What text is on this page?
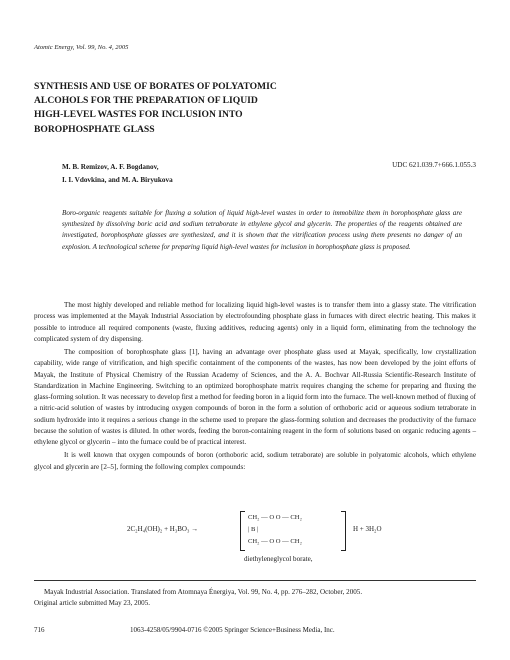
Atomic Energy, Vol. 99, No. 4, 2005
SYNTHESIS AND USE OF BORATES OF POLYATOMIC
ALCOHOLS FOR THE PREPARATION OF LIQUID
HIGH-LEVEL WASTES FOR INCLUSION INTO
BOROPHOSPHATE GLASS
M. B. Remizov, A. F. Bogdanov,
I. I. Vdovkina, and M. A. Biryukova
UDC 621.039.7+666.1.055.3
Boro-organic reagents suitable for fluxing a solution of liquid high-level wastes in order to immobilize them in borophosphate glass are synthesized by dissolving boric acid and sodium tetraborate in ethylene glycol and glycerin. The properties of the reagents obtained are investigated, borophosphate glasses are synthesized, and it is shown that the vitrification process using them presents no danger of an explosion. A technological scheme for preparing liquid high-level wastes for inclusion in borophosphate glass is proposed.

The most highly developed and reliable method for localizing liquid high-level wastes is to transfer them into a glassy state. The vitrification process was implemented at the Mayak Industrial Association by electrofounding phosphate glass in furnaces with direct electric heating. This makes it possible to introduce all required components (waste, fluxing additives, reducing agents) only in a liquid form, eliminating from the technology the complicated system of dry dispensing.

The composition of borophosphate glass [1], having an advantage over phosphate glass used at Mayak, specifically, low crystallization capability, wide range of vitrification, and high specific containment of the components of the wastes, has now been developed by the joint efforts of Mayak, the Institute of Physical Chemistry of the Russian Academy of Sciences, and the A. A. Bochvar All-Russia Scientific-Research Institute of Standardization in Machine Engineering. Switching to an optimized borophosphate matrix requires changing the scheme for preparing and fluxing the glass-forming solution. It was necessary to develop first a method for feeding boron in a liquid form into the furnace. The well-known method of fluxing of a nitric-acid solution of wastes by introducing oxygen compounds of boron in the form a solution of orthoboric acid or aqueous sodium tetraborate in sodium hydroxide into it requires a serious change in the scheme used to prepare the glass-forming solution and decreases the productivity of the furnace because the solution of wastes is diluted. In other words, feeding the boron-containing reagent in the form of solutions based on organic reducing agents – ethylene glycol or glycerin – into the furnace could be of practical interest.

It is well known that oxygen compounds of boron (orthoboric acid, sodium tetraborate) are soluble in polyatomic alcohols, which ethylene glycol and glycerin are [2–5], forming the following complex compounds:

2C₂H₄(OH)₂ + H₃BO₃ →
CH₂ — O O — CH₂
| B |
CH₂ — O O — CH₂
H + 3H₂O
diethyleneglycol borate,
Mayak Industrial Association. Translated from Atomnaya Énergiya, Vol. 99, No. 4, pp. 276–282, October, 2005.
Original article submitted May 23, 2005.
716	1063-4258/05/9904-0716 ©2005 Springer Science+Business Media, Inc.
